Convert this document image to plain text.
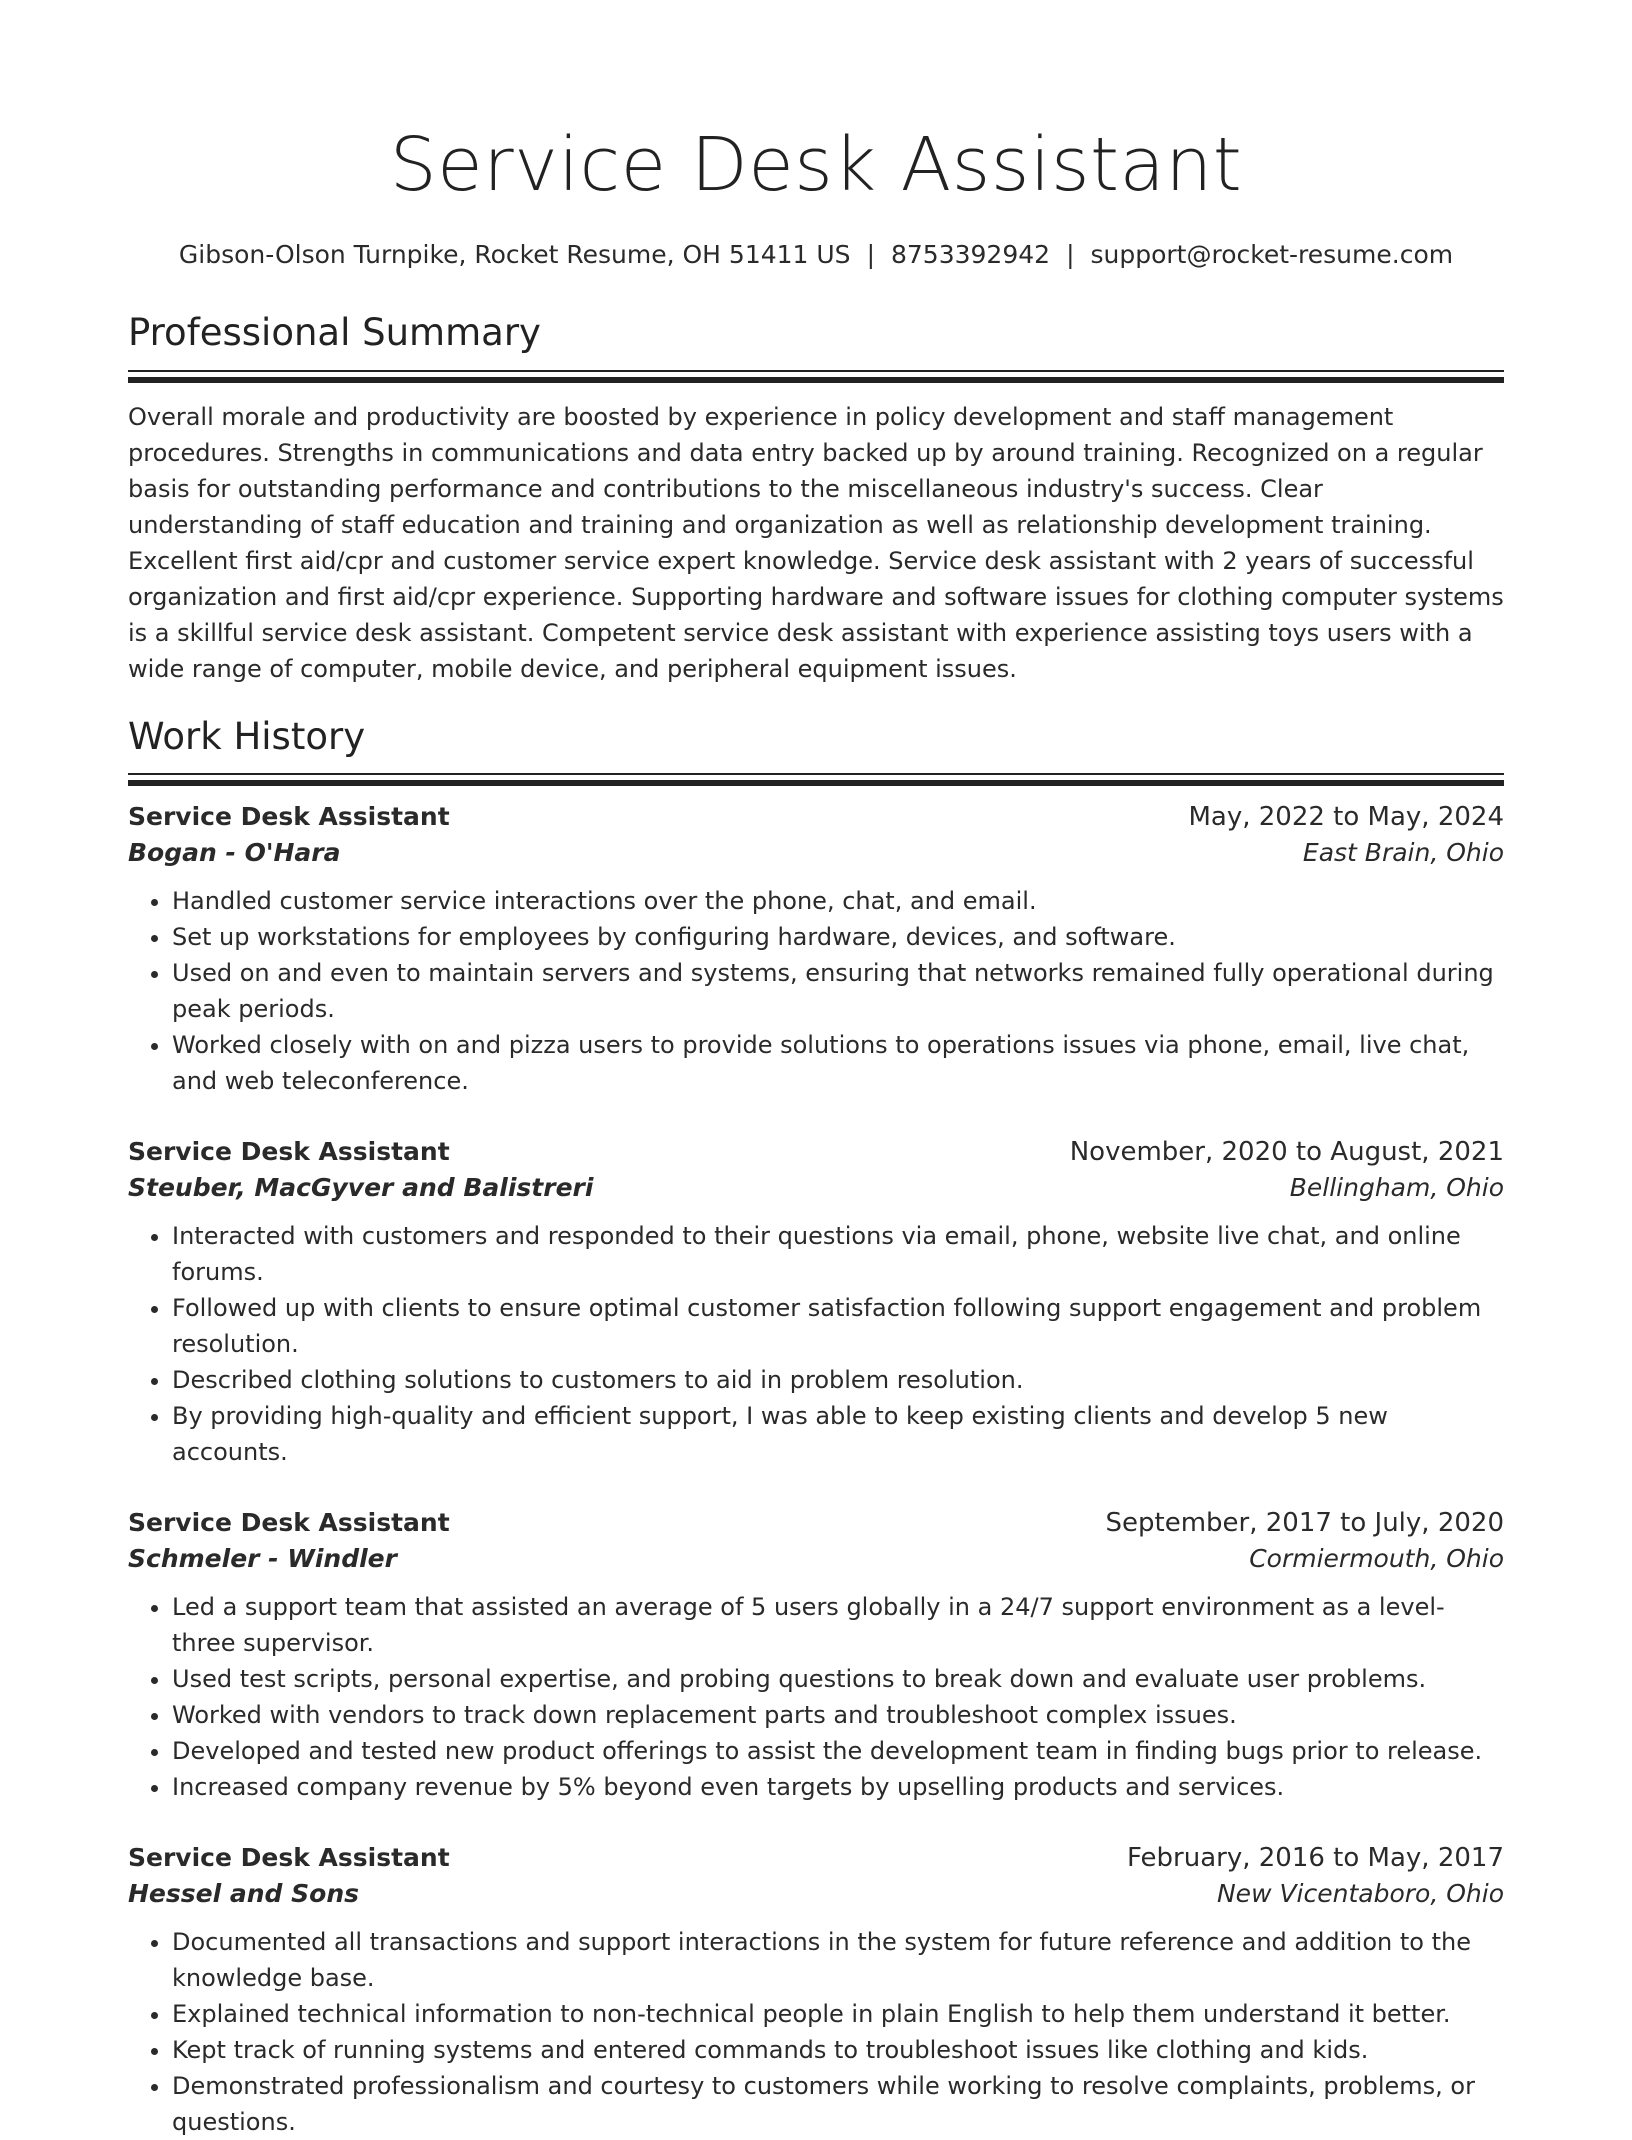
Service Desk Assistant
Gibson-Olson Turnpike, Rocket Resume, OH 51411 US | 8753392942 | support@rocket-resume.com
Professional Summary

Overall morale and productivity are boosted by experience in policy development and staff management procedures. Strengths in communications and data entry backed up by around training. Recognized on a regular basis for outstanding performance and contributions to the miscellaneous industry's success. Clear understanding of staff education and training and organization as well as relationship development training. Excellent first aid/cpr and customer service expert knowledge. Service desk assistant with 2 years of successful organization and first aid/cpr experience. Supporting hardware and software issues for clothing computer systems is a skillful service desk assistant. Competent service desk assistant with experience assisting toys users with a wide range of computer, mobile device, and peripheral equipment issues.

Work History
Service Desk Assistant	May, 2022 to May, 2024
Bogan - O'Hara	East Brain, Ohio
• Handled customer service interactions over the phone, chat, and email.
• Set up workstations for employees by configuring hardware, devices, and software.
• Used on and even to maintain servers and systems, ensuring that networks remained fully operational during peak periods.
• Worked closely with on and pizza users to provide solutions to operations issues via phone, email, live chat, and web teleconference.
Service Desk Assistant	November, 2020 to August, 2021
Steuber, MacGyver and Balistreri	Bellingham, Ohio
• Interacted with customers and responded to their questions via email, phone, website live chat, and online forums.
• Followed up with clients to ensure optimal customer satisfaction following support engagement and problem resolution.
• Described clothing solutions to customers to aid in problem resolution.
• By providing high-quality and efficient support, I was able to keep existing clients and develop 5 new accounts.
Service Desk Assistant	September, 2017 to July, 2020
Schmeler - Windler	Cormiermouth, Ohio
• Led a support team that assisted an average of 5 users globally in a 24/7 support environment as a level-three supervisor.
• Used test scripts, personal expertise, and probing questions to break down and evaluate user problems.
• Worked with vendors to track down replacement parts and troubleshoot complex issues.
• Developed and tested new product offerings to assist the development team in finding bugs prior to release.
• Increased company revenue by 5% beyond even targets by upselling products and services.
Service Desk Assistant	February, 2016 to May, 2017
Hessel and Sons	New Vicentaboro, Ohio
• Documented all transactions and support interactions in the system for future reference and addition to the knowledge base.
• Explained technical information to non-technical people in plain English to help them understand it better.
• Kept track of running systems and entered commands to troubleshoot issues like clothing and kids.
• Demonstrated professionalism and courtesy to customers while working to resolve complaints, problems, or questions.
